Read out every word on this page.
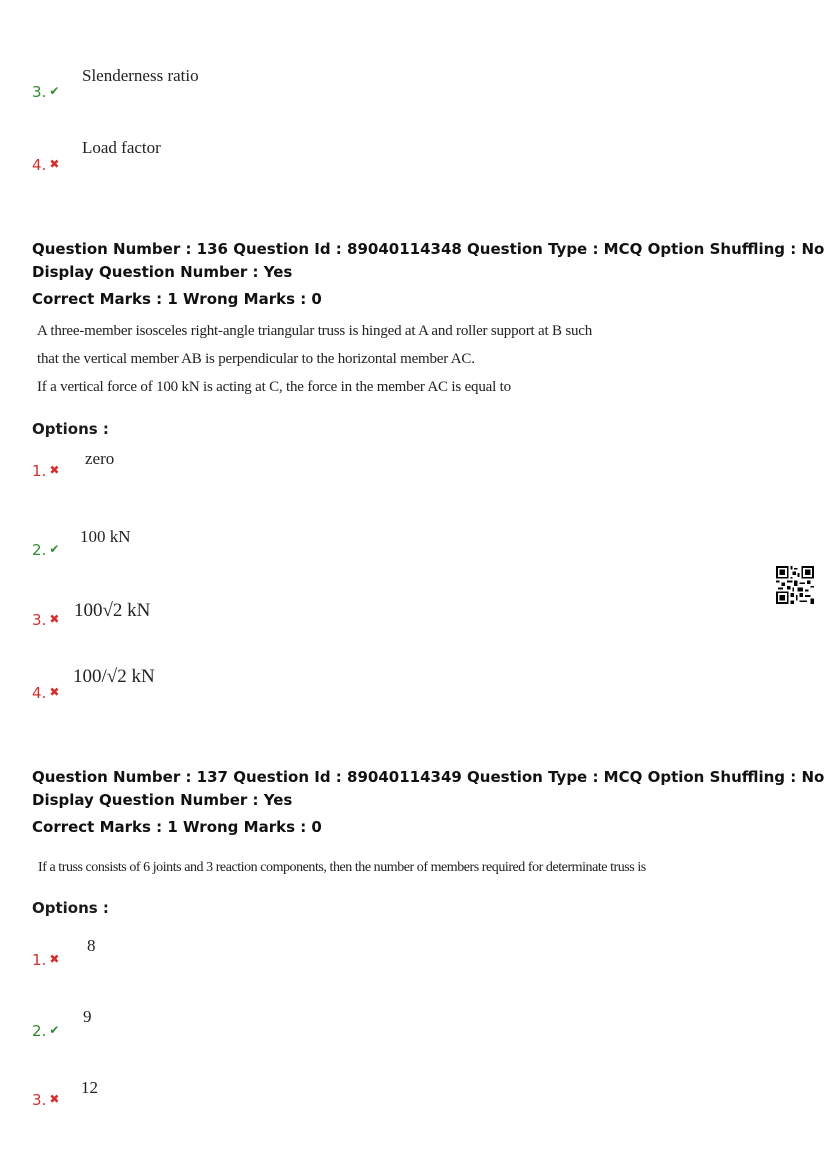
Slenderness ratio
3. ✔
Load factor
4. ✖
Question Number : 136 Question Id : 89040114348 Question Type : MCQ Option Shuffling : No
Display Question Number : Yes
Correct Marks : 1 Wrong Marks : 0
A three-member isosceles right-angle triangular truss is hinged at A and roller support at B such
that the vertical member AB is perpendicular to the horizontal member AC.
If a vertical force of 100 kN is acting at C, the force in the member AC is equal to
Options :
zero
1. ✖
100 kN
2. ✔
100√2 kN
3. ✖
100/√2 kN
4. ✖
Question Number : 137 Question Id : 89040114349 Question Type : MCQ Option Shuffling : No
Display Question Number : Yes
Correct Marks : 1 Wrong Marks : 0
If a truss consists of 6 joints and 3 reaction components, then the number of members required for determinate truss is
Options :
8
1. ✖
9
2. ✔
12
3. ✖
